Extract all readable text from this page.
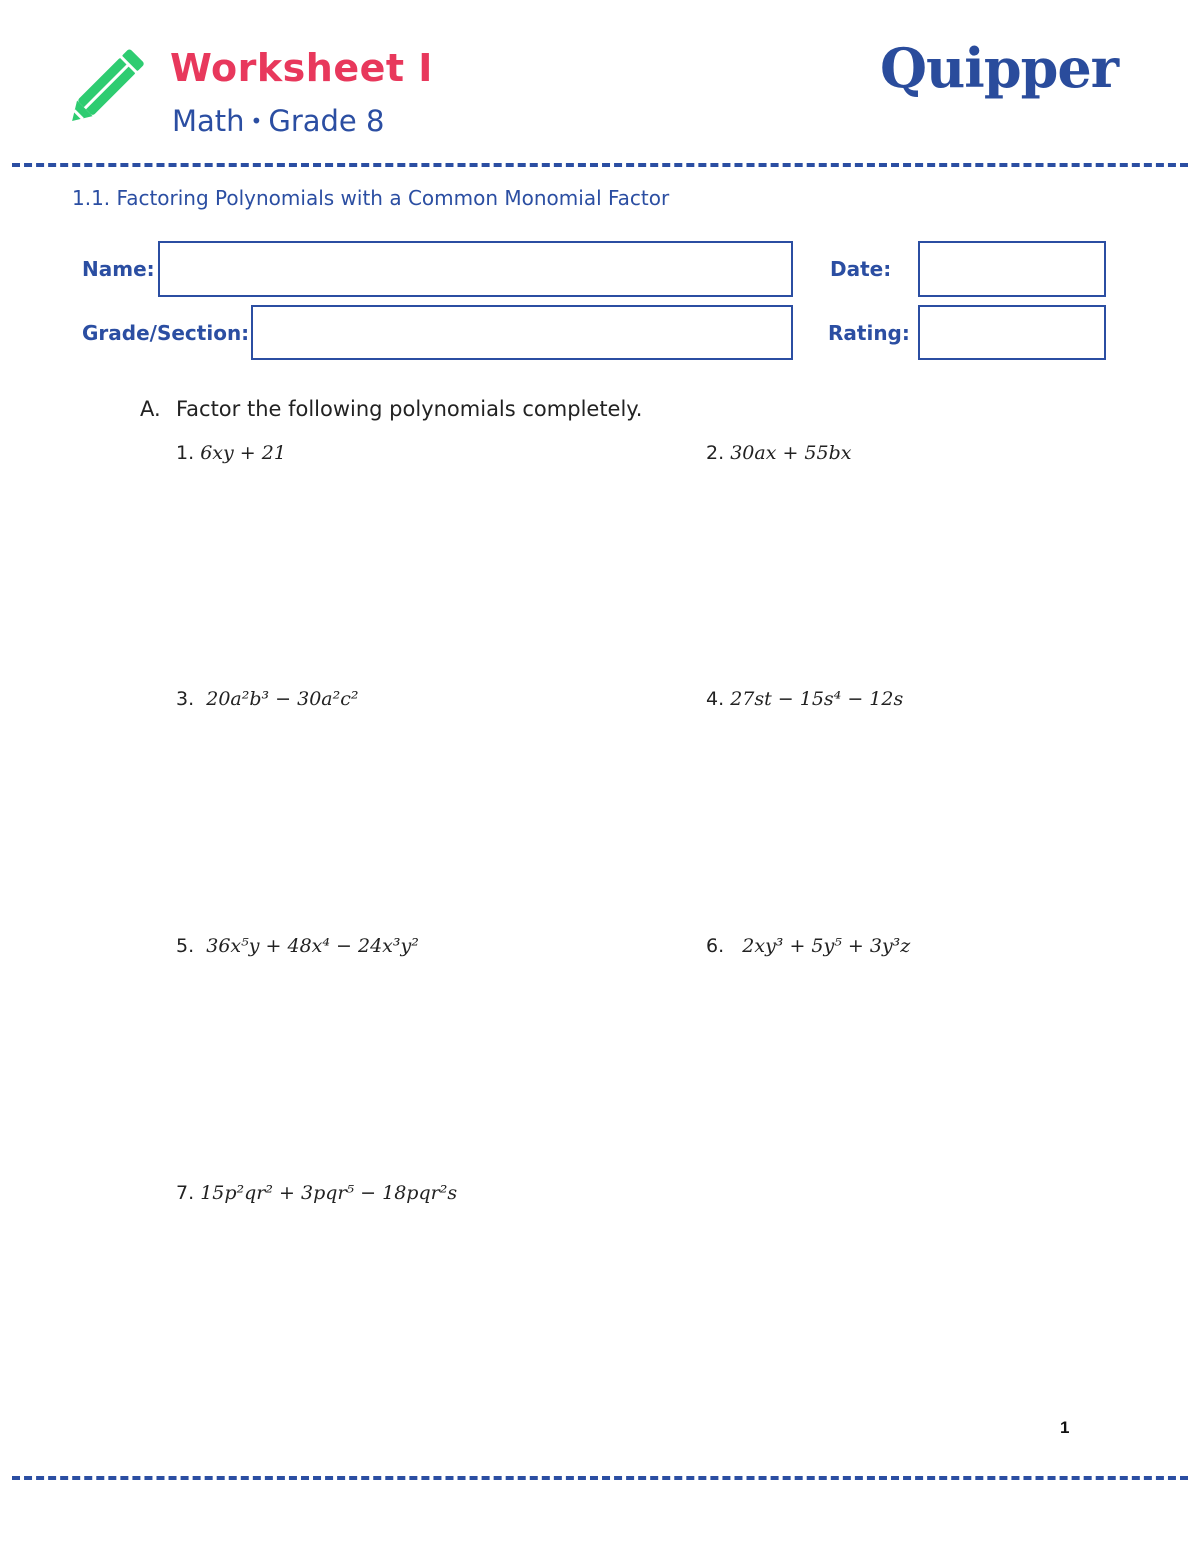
Worksheet I
Math • Grade 8
Quipper
1.1. Factoring Polynomials with a Common Monomial Factor
Name:	Date:
Grade/Section:	Rating:
A. Factor the following polynomials completely.
1. 6xy + 21	2. 30ax + 55bx
3. 20a²b³ − 30a²c²	4. 27st − 15s⁴ − 12s
5. 36x⁵y + 48x⁴ − 24x³y²	6. 2xy³ + 5y⁵ + 3y³z
7. 15p²qr² + 3pqr⁵ − 18pqr²s
1
